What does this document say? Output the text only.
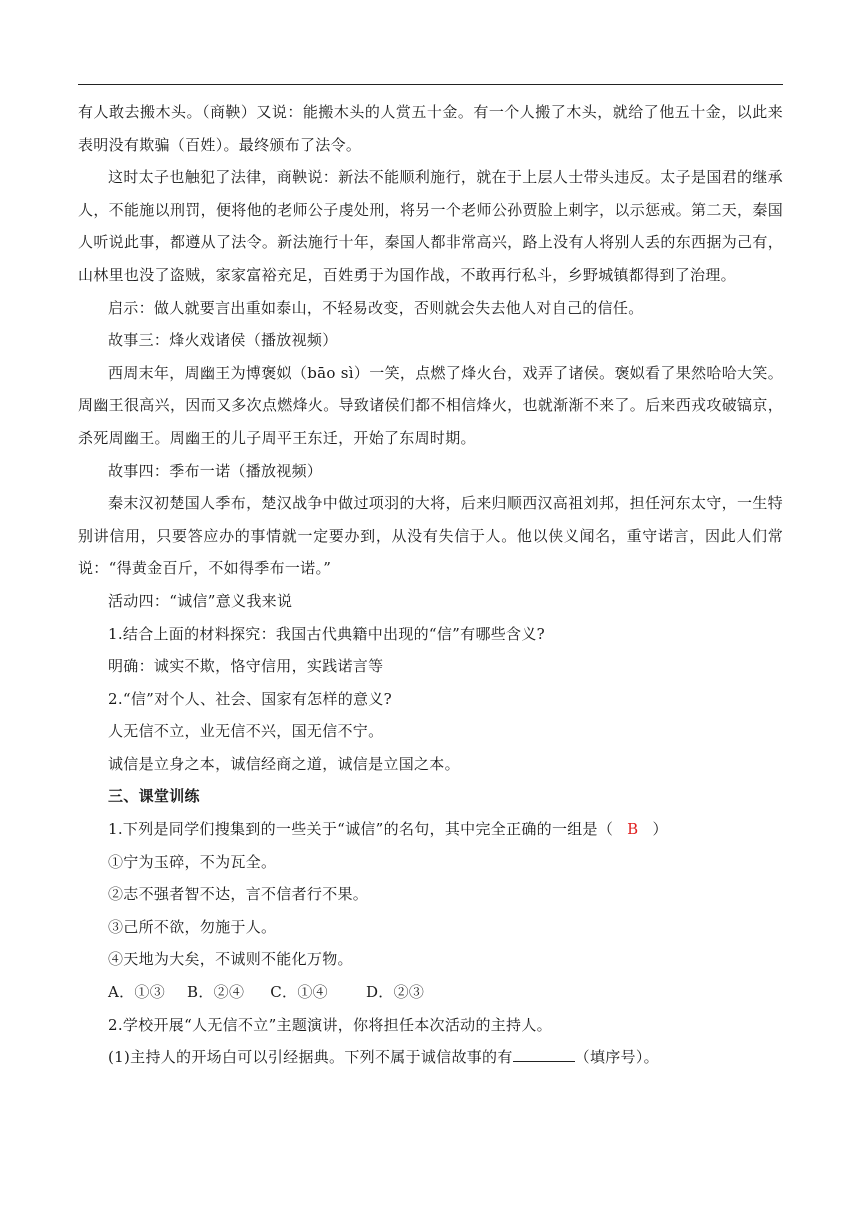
有人敢去搬木头。（商鞅）又说：能搬木头的人赏五十金。有一个人搬了木头，就给了他五十金，以此来表明没有欺骗（百姓）。最终颁布了法令。

这时太子也触犯了法律，商鞅说：新法不能顺利施行，就在于上层人士带头违反。太子是国君的继承人，不能施以刑罚，便将他的老师公子虔处刑，将另一个老师公孙贾脸上刺字，以示惩戒。第二天，秦国人听说此事，都遵从了法令。新法施行十年，秦国人都非常高兴，路上没有人将别人丢的东西据为己有，山林里也没了盗贼，家家富裕充足，百姓勇于为国作战，不敢再行私斗，乡野城镇都得到了治理。

启示：做人就要言出重如泰山，不轻易改变，否则就会失去他人对自己的信任。

故事三：烽火戏诸侯（播放视频）

西周末年，周幽王为博褒姒（bāo sì）一笑，点燃了烽火台，戏弄了诸侯。褒姒看了果然哈哈大笑。周幽王很高兴，因而又多次点燃烽火。导致诸侯们都不相信烽火，也就渐渐不来了。后来西戎攻破镐京，杀死周幽王。周幽王的儿子周平王东迁，开始了东周时期。

故事四：季布一诺（播放视频）

秦末汉初楚国人季布，楚汉战争中做过项羽的大将，后来归顺西汉高祖刘邦，担任河东太守，一生特别讲信用，只要答应办的事情就一定要办到，从没有失信于人。他以侠义闻名，重守诺言，因此人们常说：“得黄金百斤，不如得季布一诺。”

活动四：“诚信”意义我来说

1.结合上面的材料探究：我国古代典籍中出现的“信”有哪些含义?

明确：诚实不欺，恪守信用，实践诺言等

2.“信”对个人、社会、国家有怎样的意义?

人无信不立，业无信不兴，国无信不宁。

诚信是立身之本，诚信经商之道，诚信是立国之本。

三、课堂训练

1.下列是同学们搜集到的一些关于“诚信”的名句，其中完全正确的一组是（ B ）

①宁为玉碎，不为瓦全。

②志不强者智不达，言不信者行不果。

③己所不欲，勿施于人。

④天地为大矣，不诚则不能化万物。

A．①③ B．②④ C．①④	D．②③

2.学校开展“人无信不立”主题演讲，你将担任本次活动的主持人。

(1)主持人的开场白可以引经据典。下列不属于诚信故事的有	（填序号）。
